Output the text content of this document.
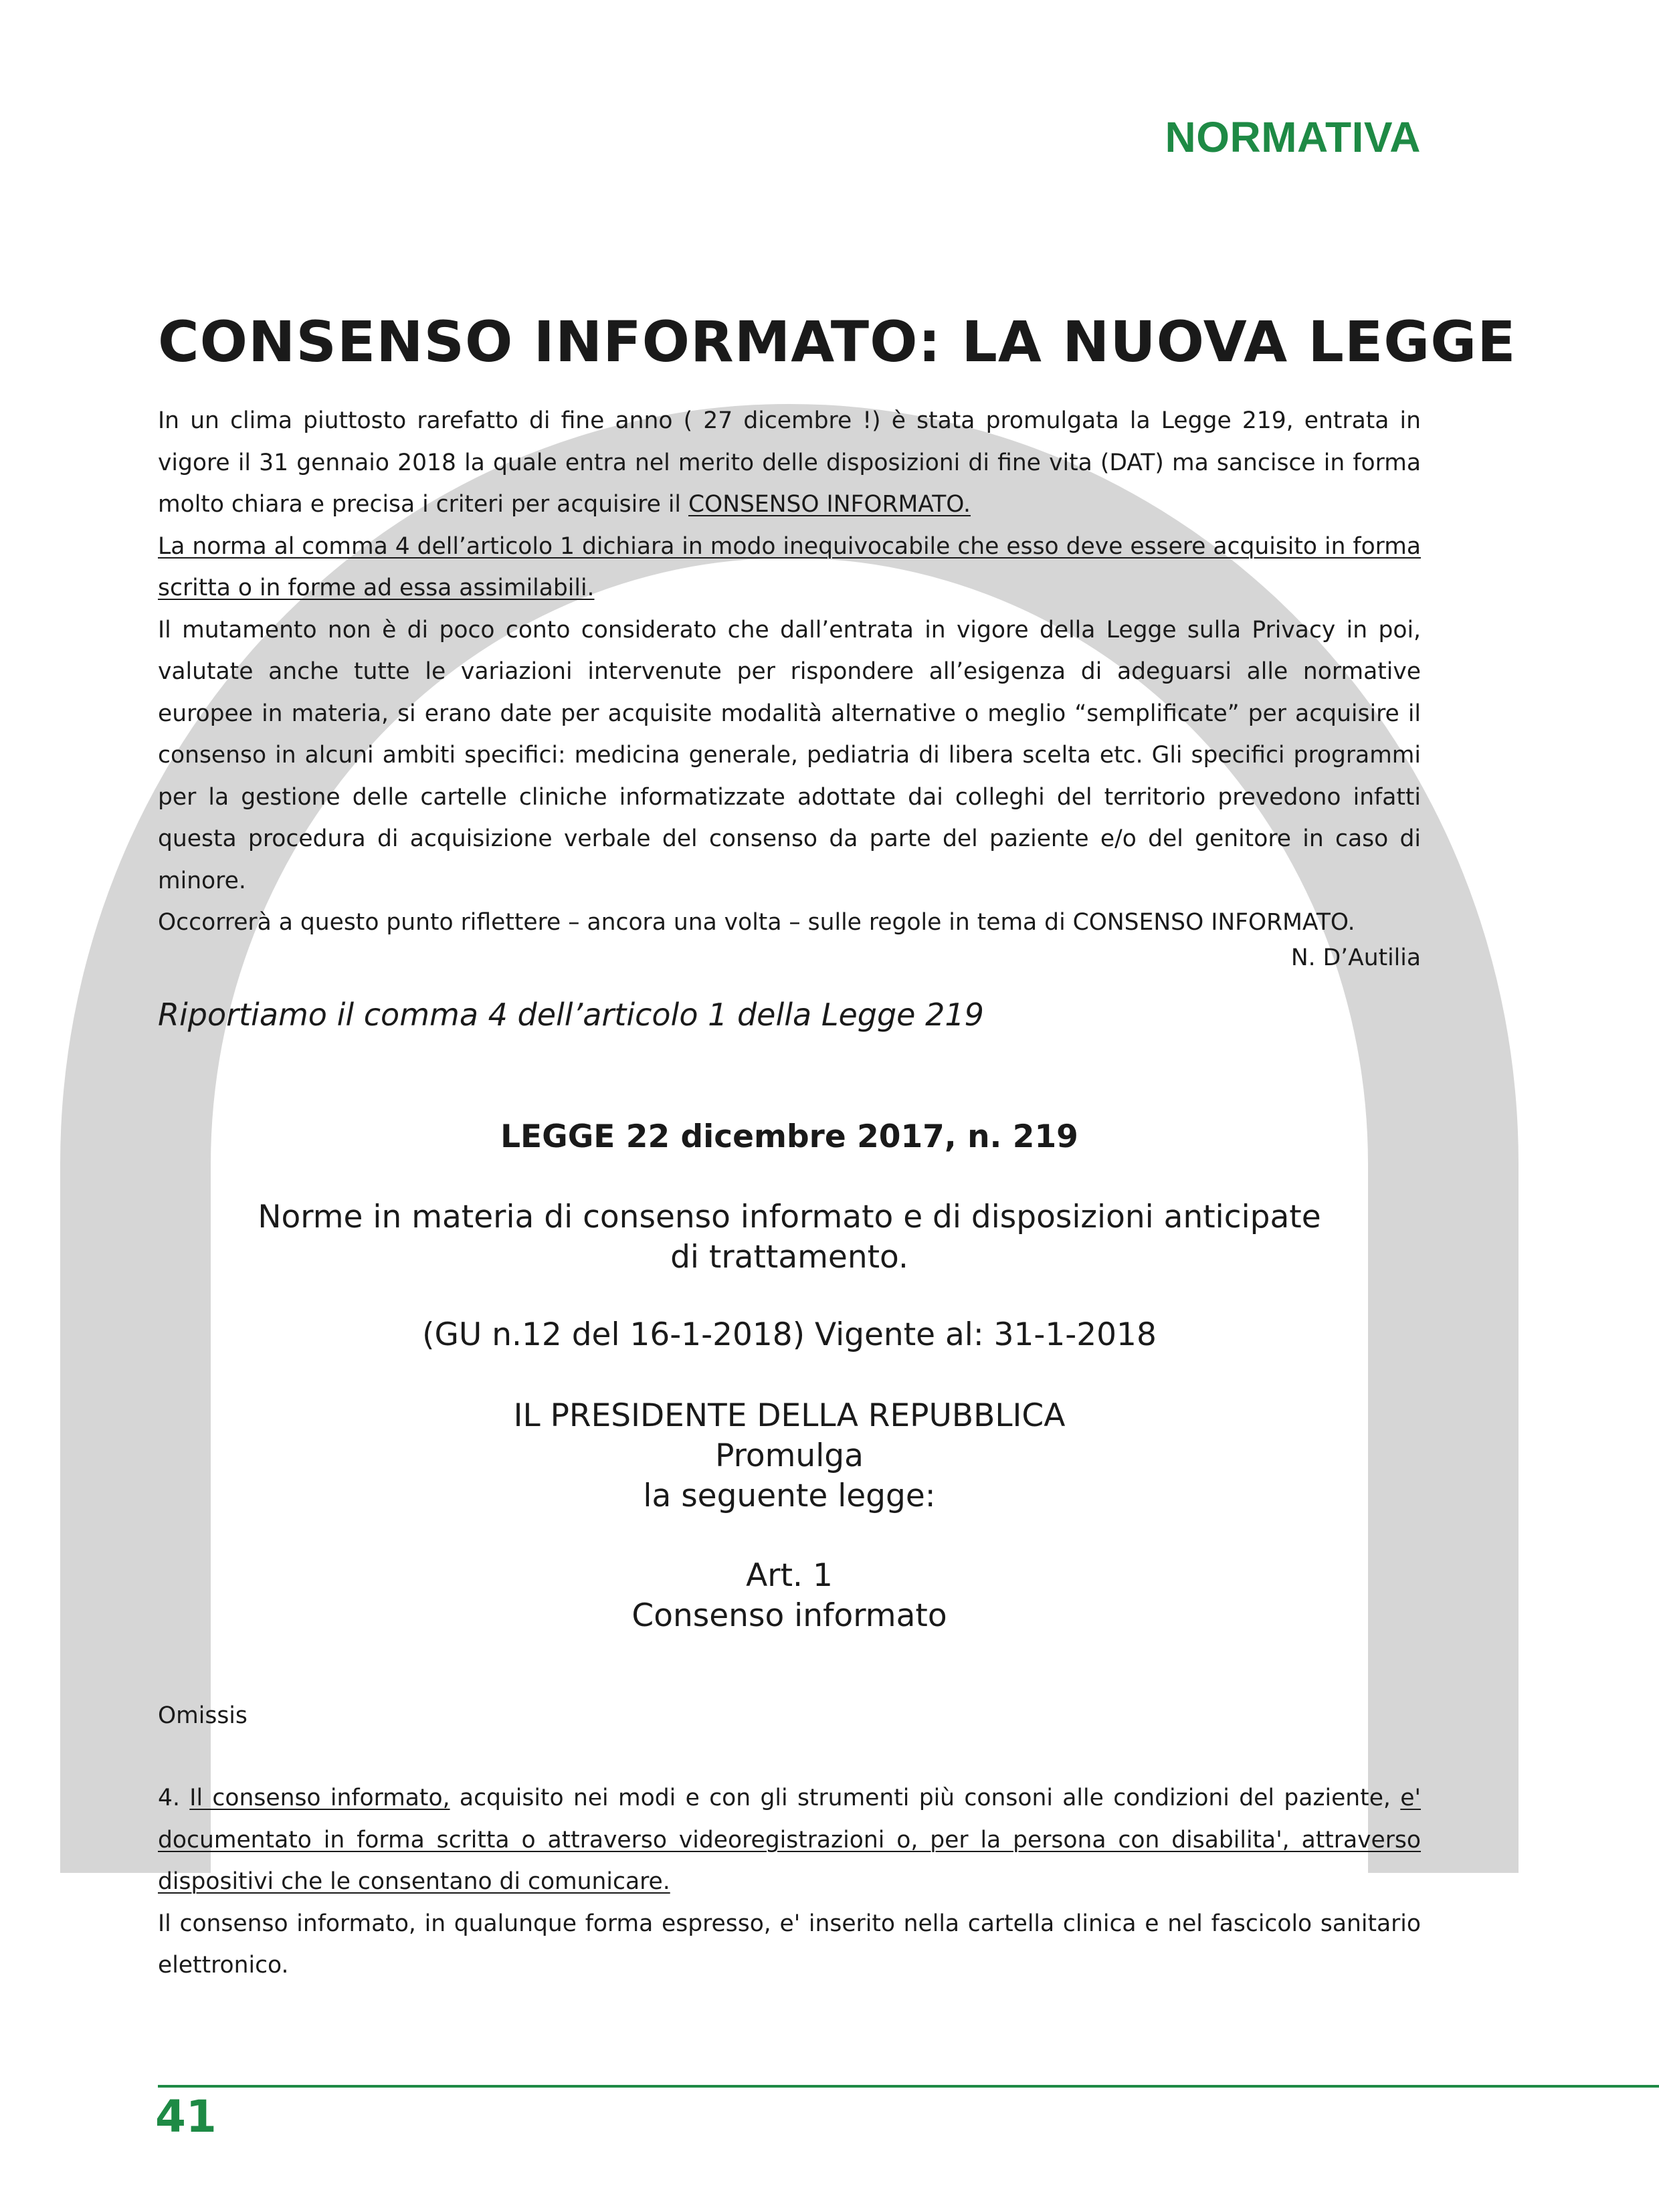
NORMATIVA
CONSENSO INFORMATO: LA NUOVA LEGGE

In un clima piuttosto rarefatto di fine anno ( 27 dicembre !) è stata promulgata la Legge 219, entrata in vigore il 31 gennaio 2018 la quale entra nel merito delle disposizioni di fine vita (DAT) ma sancisce in forma molto chiara e precisa i criteri per acquisire il CONSENSO INFORMATO.

La norma al comma 4 dell’articolo 1 dichiara in modo inequivocabile che esso deve essere acquisito in forma scritta o in forme ad essa assimilabili.

Il mutamento non è di poco conto considerato che dall’entrata in vigore della Legge sulla Privacy in poi, valutate anche tutte le variazioni intervenute per rispondere all’esigenza di adeguarsi alle normative europee in materia, si erano date per acquisite modalità alternative o meglio “semplificate” per acquisire il consenso in alcuni ambiti specifici: medicina generale, pediatria di libera scelta etc. Gli specifici programmi per la gestione delle cartelle cliniche informatizzate adottate dai colleghi del territorio prevedono infatti questa procedura di acquisizione verbale del consenso da parte del paziente e/o del genitore in caso di minore.

Occorrerà a questo punto riflettere – ancora una volta – sulle regole in tema di CONSENSO INFORMATO.

N. D’Autilia
Riportiamo il comma 4 dell’articolo 1 della Legge 219
LEGGE 22 dicembre 2017, n. 219
Norme in materia di consenso informato e di disposizioni anticipate
di trattamento.
(GU n.12 del 16-1-2018) Vigente al: 31-1-2018
IL PRESIDENTE DELLA REPUBBLICA
Promulga
la seguente legge:
Art. 1
Consenso informato
Omissis

4. Il consenso informato, acquisito nei modi e con gli strumenti più consoni alle condizioni del paziente, e' documentato in forma scritta o attraverso videoregistrazioni o, per la persona con disabilita', attraverso dispositivi che le consentano di comunicare.

Il consenso informato, in qualunque forma espresso, e' inserito nella cartella clinica e nel fascicolo sanitario elettronico.

41
